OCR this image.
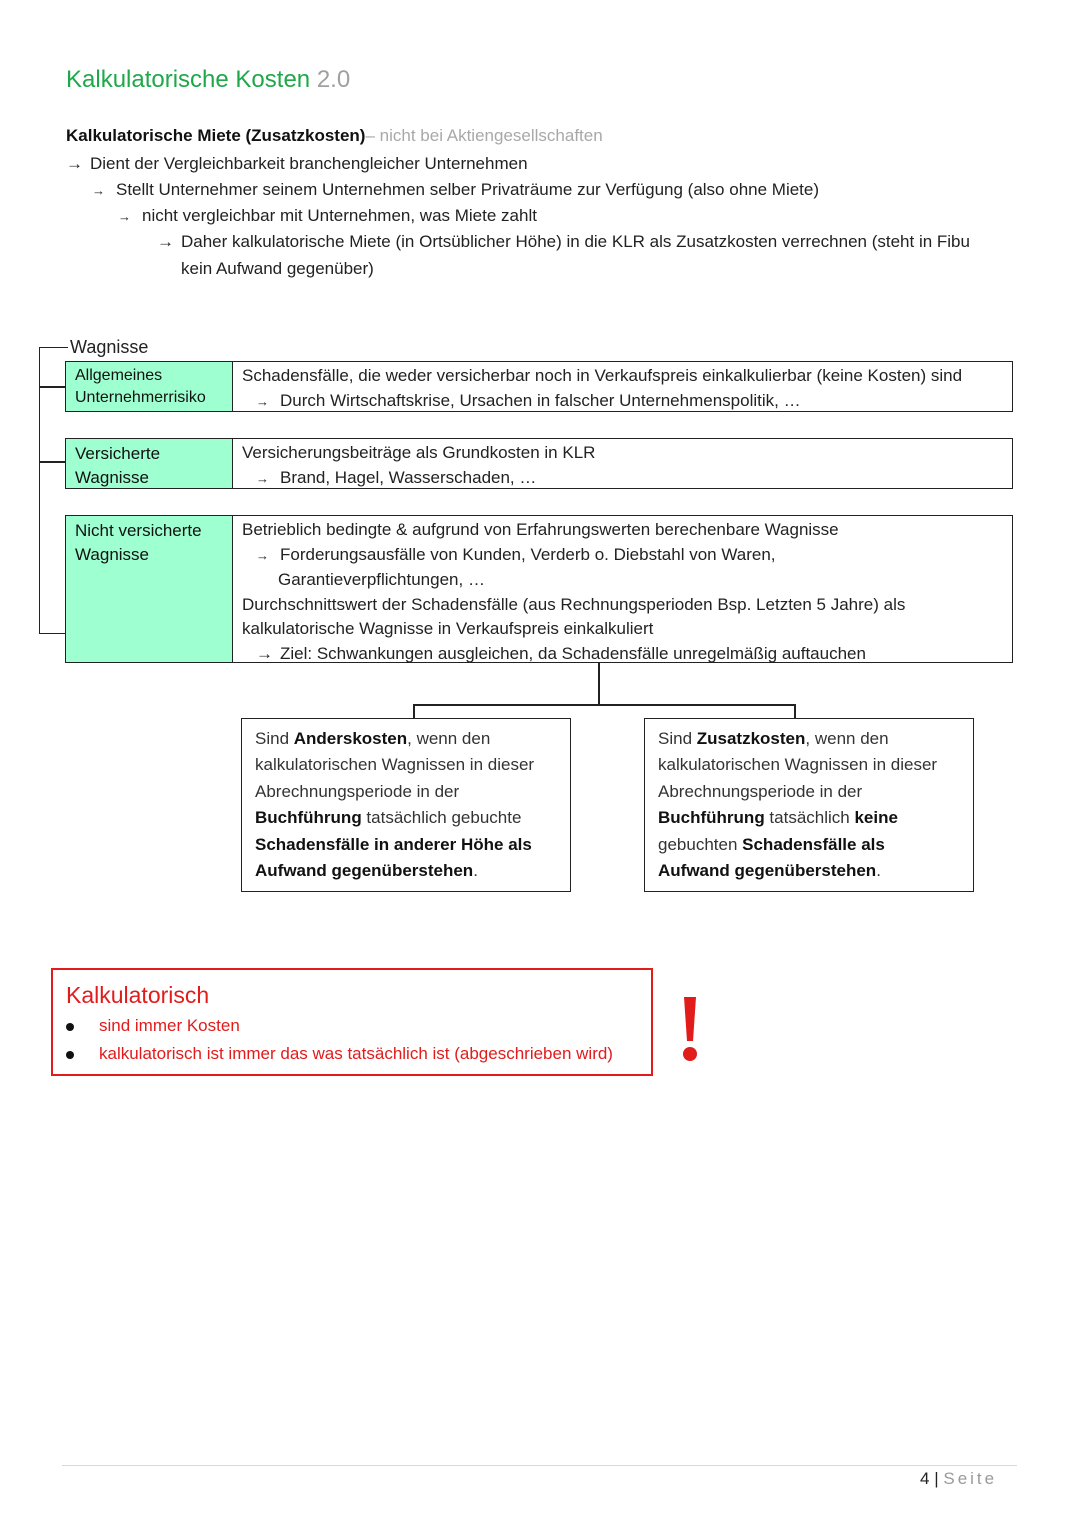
Kalkulatorische Kosten 2.0
Kalkulatorische Miete (Zusatzkosten)– nicht bei Aktiengesellschaften
→ Dient der Vergleichbarkeit branchengleicher Unternehmen
→ Stellt Unternehmer seinem Unternehmen selber Privaträume zur Verfügung (also ohne Miete)
→ nicht vergleichbar mit Unternehmen, was Miete zahlt
→ Daher kalkulatorische Miete (in Ortsüblicher Höhe) in die KLR als Zusatzkosten verrechnen (steht in Fibu
kein Aufwand gegenüber)
Wagnisse
Allgemeines Unternehmerrisiko
Schadensfälle, die weder versicherbar noch in Verkaufspreis einkalkulierbar (keine Kosten) sind
→ Durch Wirtschaftskrise, Ursachen in falscher Unternehmenspolitik, …
Versicherte Wagnisse
Versicherungsbeiträge als Grundkosten in KLR
→ Brand, Hagel, Wasserschaden, …
Nicht versicherte Wagnisse
Betrieblich bedingte & aufgrund von Erfahrungswerten berechenbare Wagnisse
→ Forderungsausfälle von Kunden, Verderb o. Diebstahl von Waren,
Garantieverpflichtungen, …
Durchschnittswert der Schadensfälle (aus Rechnungsperioden Bsp. Letzten 5 Jahre) als
kalkulatorische Wagnisse in Verkaufspreis einkalkuliert
→ Ziel: Schwankungen ausgleichen, da Schadensfälle unregelmäßig auftauchen
Sind Anderskosten, wenn den kalkulatorischen Wagnissen in dieser Abrechnungsperiode in der Buchführung tatsächlich gebuchte Schadensfälle in anderer Höhe als Aufwand gegenüberstehen.
Sind Zusatzkosten, wenn den kalkulatorischen Wagnissen in dieser Abrechnungsperiode in der Buchführung tatsächlich keine gebuchten Schadensfälle als Aufwand gegenüberstehen.
Kalkulatorisch
sind immer Kosten
kalkulatorisch ist immer das was tatsächlich ist (abgeschrieben wird)
4 | Seite
